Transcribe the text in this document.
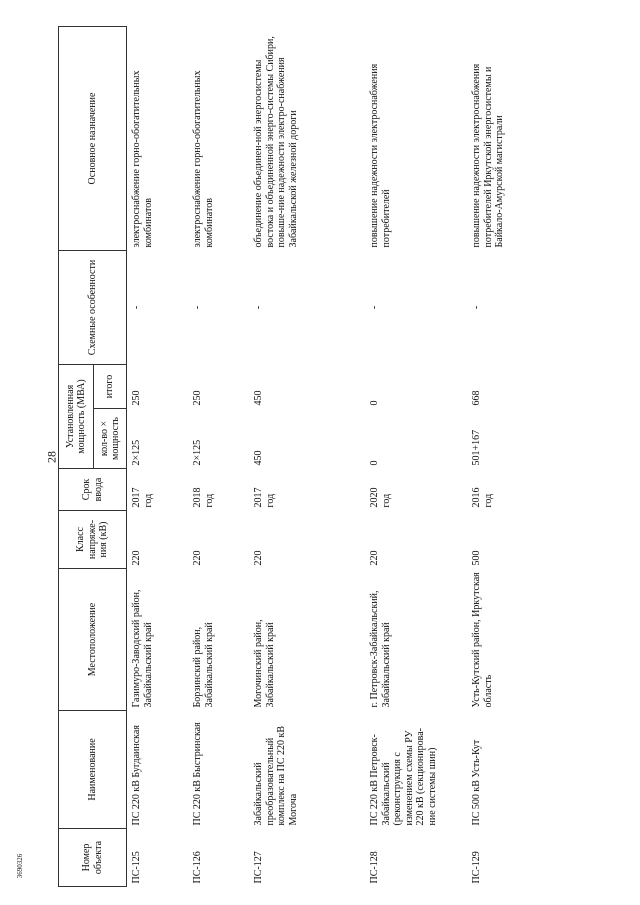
28
3690326	Номер объекта	Наименование	Местоположение	Класс напряже-ния (кВ)	Срок ввода	Установленная мощность (МВА)		Схемные особенности	Основное назначение
					кол-во × мощность	итого		
ПС-125	ПС 220 кВ Бугдаинская	Газимуро-Заводский район, Забайкальский край	220	2017 год	2×125	250	-	электроснабжение горно-обогатительных комбинатов
ПС-126	ПС 220 кВ Быстринская	Борзинский район, Забайкальский край	220	2018 год	2×125	250	-	электроснабжение горно-обогатительных комбинатов
ПС-127	Забайкальский преобразовательный комплекс на ПС 220 кВ Могоча	Могочинский район, Забайкальский край	220	2017 год	450	450	-	объединение объединен-ной энергосистемы востока и объединенной энерго-системы Сибири, повыше-ние надежности электро-снабжения Забайкальской железной дороги
ПС-128	ПС 220 кВ Петровск-Забайкальский (реконструкция с изменением схемы РУ 220 кВ (секционирова-ние системы шин)	г. Петровск-Забайкальский, Забайкальский край	220	2020 год	0	0	-	повышение надежности электроснабжения потребителей
ПС-129	ПС 500 кВ Усть-Кут	Усть-Кутский район, Иркутская область	500	2016 год	501+167	668	-	повышение надежности электроснабжения потребителей Иркутской энергосистемы и Байкало-Амурской магистрали
